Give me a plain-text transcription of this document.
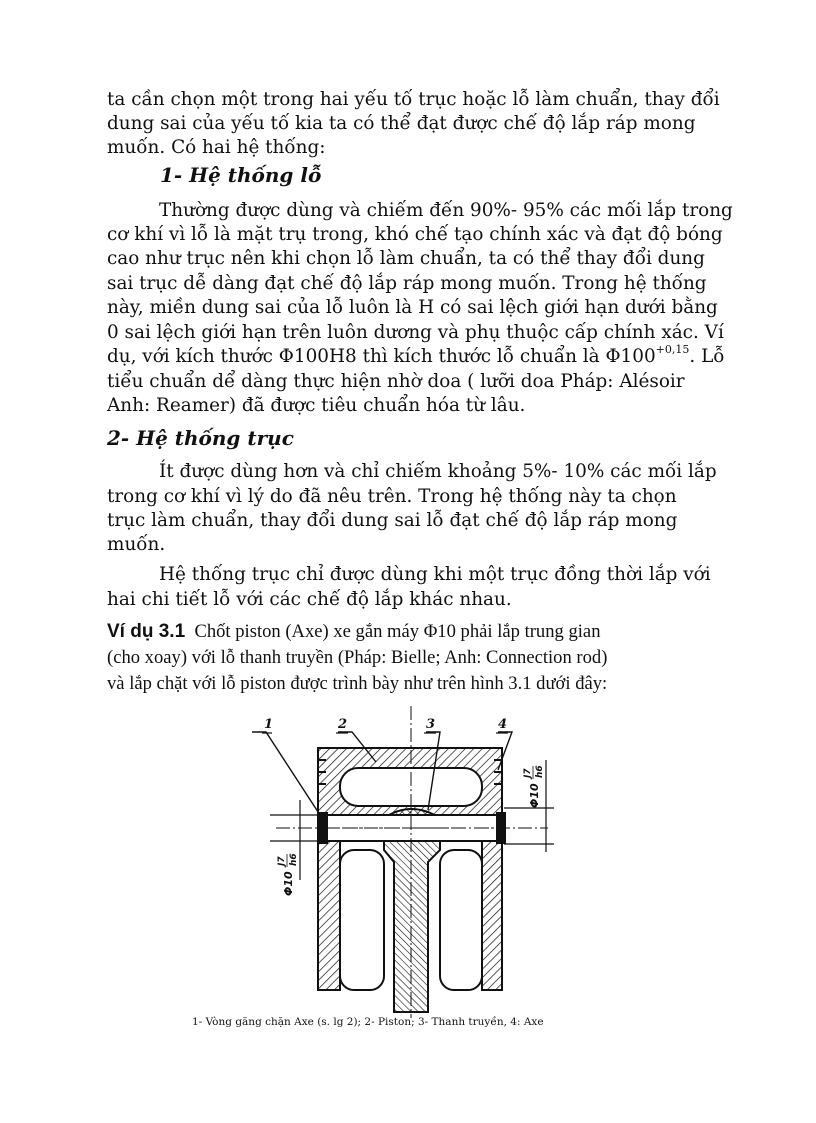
ta cần chọn một trong hai yếu tố trục hoặc lỗ làm chuẩn, thay đổi
dung sai của yếu tố kia ta có thể đạt được chế độ lắp ráp mong
muốn. Có hai hệ thống:
1- Hệ thống lỗ
Thường được dùng và chiếm đến 90%- 95% các mối lắp trong
cơ khí vì lỗ là mặt trụ trong, khó chế tạo chính xác và đạt độ bóng
cao như trục nên khi chọn lỗ làm chuẩn, ta có thể thay đổi dung
sai trục dễ dàng đạt chế độ lắp ráp mong muốn. Trong hệ thống
này, miền dung sai của lỗ luôn là H có sai lệch giới hạn dưới bằng
0 sai lệch giới hạn trên luôn dương và phụ thuộc cấp chính xác. Ví
dụ, với kích thước Φ100H8 thì kích thước lỗ chuẩn là $\Phi 100^{+0,15}$. Lỗ
tiểu chuẩn dể dàng thực hiện nhờ doa ( lưỡi doa Pháp: Alésoir
Anh: Reamer) đã được tiêu chuẩn hóa từ lâu.
2- Hệ thống trục
Ít được dùng hơn và chỉ chiếm khoảng 5%- 10% các mối lắp
trong cơ khí vì lý do đã nêu trên. Trong hệ thống này ta chọn
trục làm chuẩn, thay đổi dung sai lỗ đạt chế độ lắp ráp mong
muốn.
Hệ thống trục chỉ được dùng khi một trục đồng thời lắp với
hai chi tiết lỗ với các chế độ lắp khác nhau.
Ví dụ 3.1 Chốt piston (Axe) xe gắn máy Φ10 phải lắp trung gian
(cho xoay) với lỗ thanh truyền (Pháp: Bielle; Anh: Connection rod)
và lắp chặt với lỗ piston được trình bày như trên hình 3.1 dưới đây:
1	2	3	4
Φ10
J7 h6
Φ10
J7 h6
1- Vòng găng chặn Axe (s. lg 2); 2- Piston; 3- Thanh truyền, 4: Axe
